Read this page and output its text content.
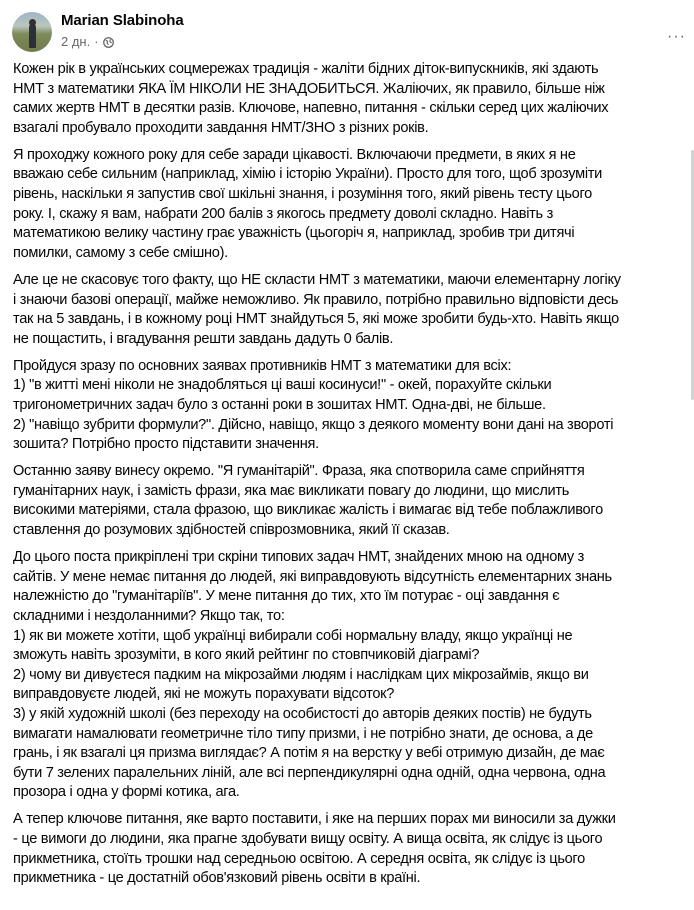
Marian Slabinoha
2 дн. ·	···
Кожен рік в українських соцмережах традиція - жаліти бідних діток-випускників, які здають
НМТ з математики ЯКА ЇМ НІКОЛИ НЕ ЗНАДОБИТЬСЯ. Жаліючих, як правило, більше ніж
самих жертв НМТ в десятки разів. Ключове, напевно, питання - скільки серед цих жаліючих
взагалі пробувало проходити завдання НМТ/ЗНО з різних років.
Я проходжу кожного року для себе заради цікавості. Включаючи предмети, в яких я не
вважаю себе сильним (наприклад, хімію і історію України). Просто для того, щоб зрозуміти
рівень, наскільки я запустив свої шкільні знання, і розуміння того, який рівень тесту цього
року. І, скажу я вам, набрати 200 балів з якогось предмету доволі складно. Навіть з
математикою велику частину грає уважність (цьогоріч я, наприклад, зробив три дитячі
помилки, самому з себе смішно).
Але це не скасовує того факту, що НЕ скласти НМТ з математики, маючи елементарну логіку
і знаючи базові операції, майже неможливо. Як правило, потрібно правильно відповісти десь
так на 5 завдань, і в кожному році НМТ знайдуться 5, які може зробити будь-хто. Навіть якщо
не пощастить, і вгадування решти завдань дадуть 0 балів.
Пройдуся зразу по основних заявах противників НМТ з математики для всіх:
1) "в житті мені ніколи не знадобляться ці ваші косинуси!" - окей, порахуйте скільки
тригонометричних задач було з останні роки в зошитах НМТ. Одна-дві, не більше.
2) "навіщо зубрити формули?". Дійсно, навіщо, якщо з деякого моменту вони дані на звороті
зошита? Потрібно просто підставити значення.
Останню заяву винесу окремо. "Я гуманітарій". Фраза, яка спотворила саме сприйняття
гуманітарних наук, і замість фрази, яка має викликати повагу до людини, що мислить
високими матеріями, стала фразою, що викликає жалість і вимагає від тебе поблажливого
ставлення до розумових здібностей співрозмовника, який її сказав.
До цього поста прикріплені три скріни типових задач НМТ, знайдених мною на одному з
сайтів. У мене немає питання до людей, які виправдовують відсутність елементарних знань
належністю до "гуманітаріїв". У мене питання до тих, хто їм потурає - оці завдання є
складними і нездоланними? Якщо так, то:
1) як ви можете хотіти, щоб українці вибирали собі нормальну владу, якщо українці не
зможуть навіть зрозуміти, в кого який рейтинг по стовпчиковій діаграмі?
2) чому ви дивуєтеся падким на мікрозайми людям і наслідкам цих мікрозаймів, якщо ви
виправдовуєте людей, які не можуть порахувати відсоток?
3) у якій художній школі (без переходу на особистості до авторів деяких постів) не будуть
вимагати намалювати геометричне тіло типу призми, і не потрібно знати, де основа, а де
грань, і як взагалі ця призма виглядає? А потім я на верстку у вебі отримую дизайн, де має
бути 7 зелених паралельних ліній, але всі перпендикулярні одна одній, одна червона, одна
прозора і одна у формі котика, ага.
А тепер ключове питання, яке варто поставити, і яке на перших порах ми виносили за дужки
- це вимоги до людини, яка прагне здобувати вищу освіту. А вища освіта, як слідує із цього
прикметника, стоїть трошки над середньою освітою. А середня освіта, як слідує із цього
прикметника - це достатній обов'язковий рівень освіти в країні.
